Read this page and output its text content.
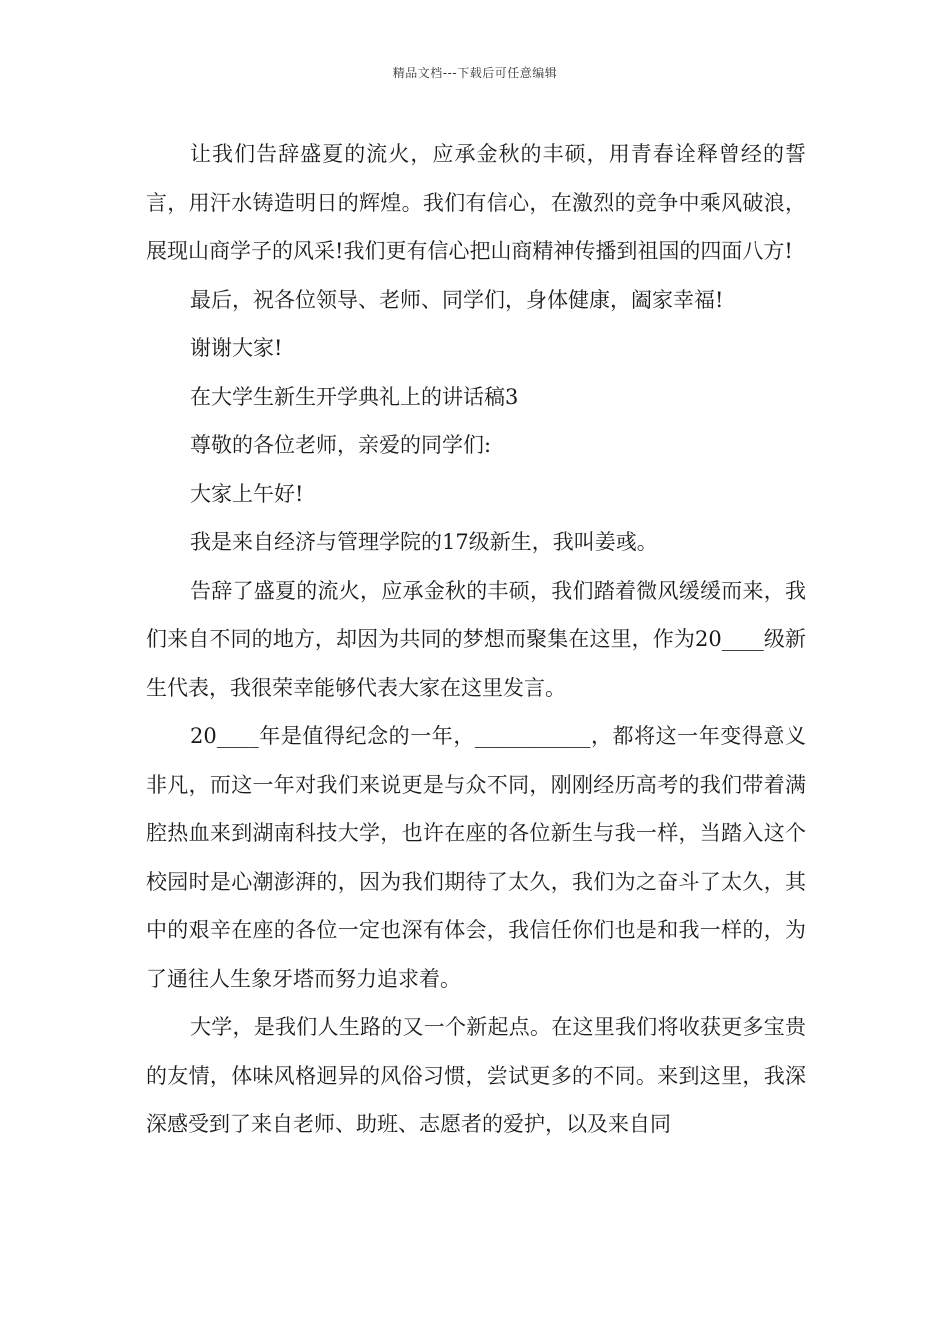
精品文档---下载后可任意编辑

让我们告辞盛夏的流火，应承金秋的丰硕，用青春诠释曾经的誓言，用汗水铸造明日的辉煌。我们有信心，在激烈的竞争中乘风破浪，展现山商学子的风采!我们更有信心把山商精神传播到祖国的四面八方!

最后，祝各位领导、老师、同学们，身体健康，阖家幸福!

谢谢大家!

在大学生新生开学典礼上的讲话稿3

尊敬的各位老师，亲爱的同学们:

大家上午好!

我是来自经济与管理学院的17级新生，我叫姜彧。

告辞了盛夏的流火，应承金秋的丰硕，我们踏着微风缓缓而来，我们来自不同的地方，却因为共同的梦想而聚集在这里，作为20____级新生代表，我很荣幸能够代表大家在这里发言。

20____年是值得纪念的一年，___________，都将这一年变得意义非凡，而这一年对我们来说更是与众不同，刚刚经历高考的我们带着满腔热血来到湖南科技大学，也许在座的各位新生与我一样，当踏入这个校园时是心潮澎湃的，因为我们期待了太久，我们为之奋斗了太久，其中的艰辛在座的各位一定也深有体会，我信任你们也是和我一样的，为了通往人生象牙塔而努力追求着。

大学，是我们人生路的又一个新起点。在这里我们将收获更多宝贵的友情，体味风格迥异的风俗习惯，尝试更多的不同。来到这里，我深深感受到了来自老师、助班、志愿者的爱护，以及来自同
